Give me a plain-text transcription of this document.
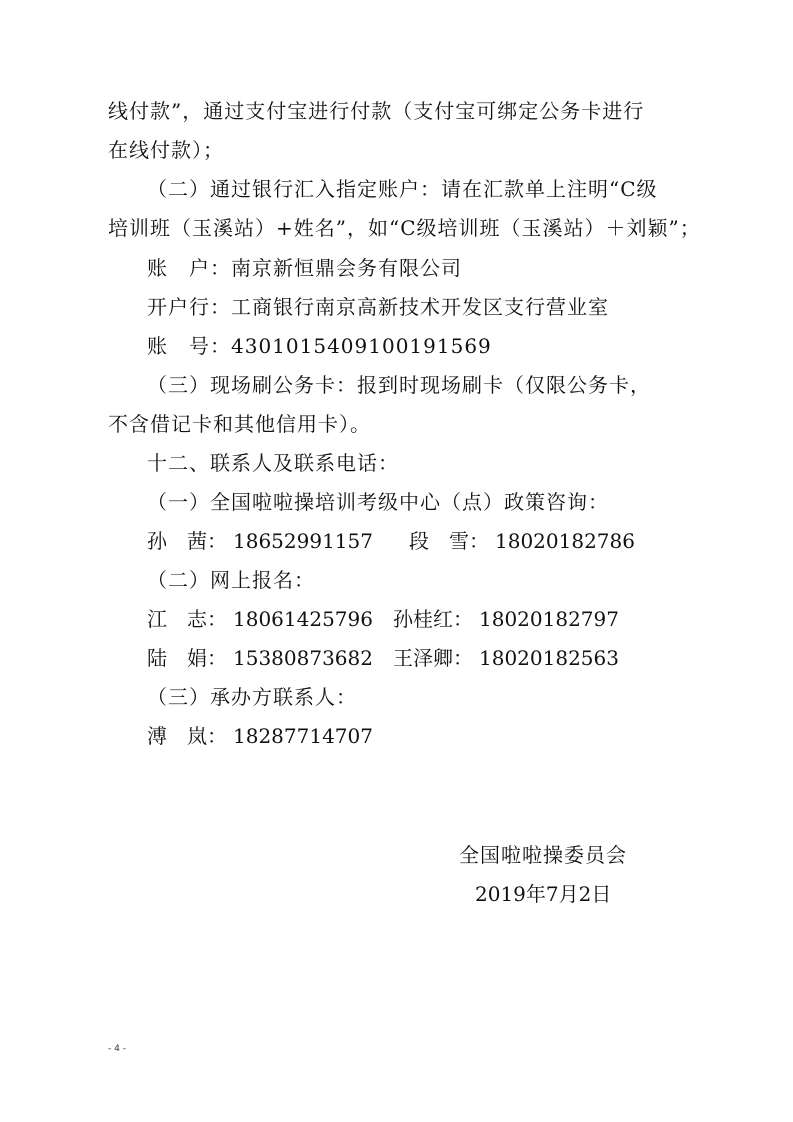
线付款”，通过支付宝进行付款（支付宝可绑定公务卡进行
在线付款）；
（二）通过银行汇入指定账户：请在汇款单上注明“C级
培训班（玉溪站）+姓名”，如“C级培训班（玉溪站）＋刘颖”；
账　户：南京新恒鼎会务有限公司
开户行：工商银行南京高新技术开发区支行营业室
账　号：4301015409100191569
（三）现场刷公务卡：报到时现场刷卡（仅限公务卡，
不含借记卡和其他信用卡）。
十二、联系人及联系电话：
（一）全国啦啦操培训考级中心（点）政策咨询：
孙　茜： 18652991157 段　雪： 18020182786
（二）网上报名：
江　志： 18061425796 孙桂红： 18020182797
陆　娟： 15380873682 王泽卿： 18020182563
（三）承办方联系人：
溥　岚： 18287714707
全国啦啦操委员会
2019年7月2日
- 4 -
